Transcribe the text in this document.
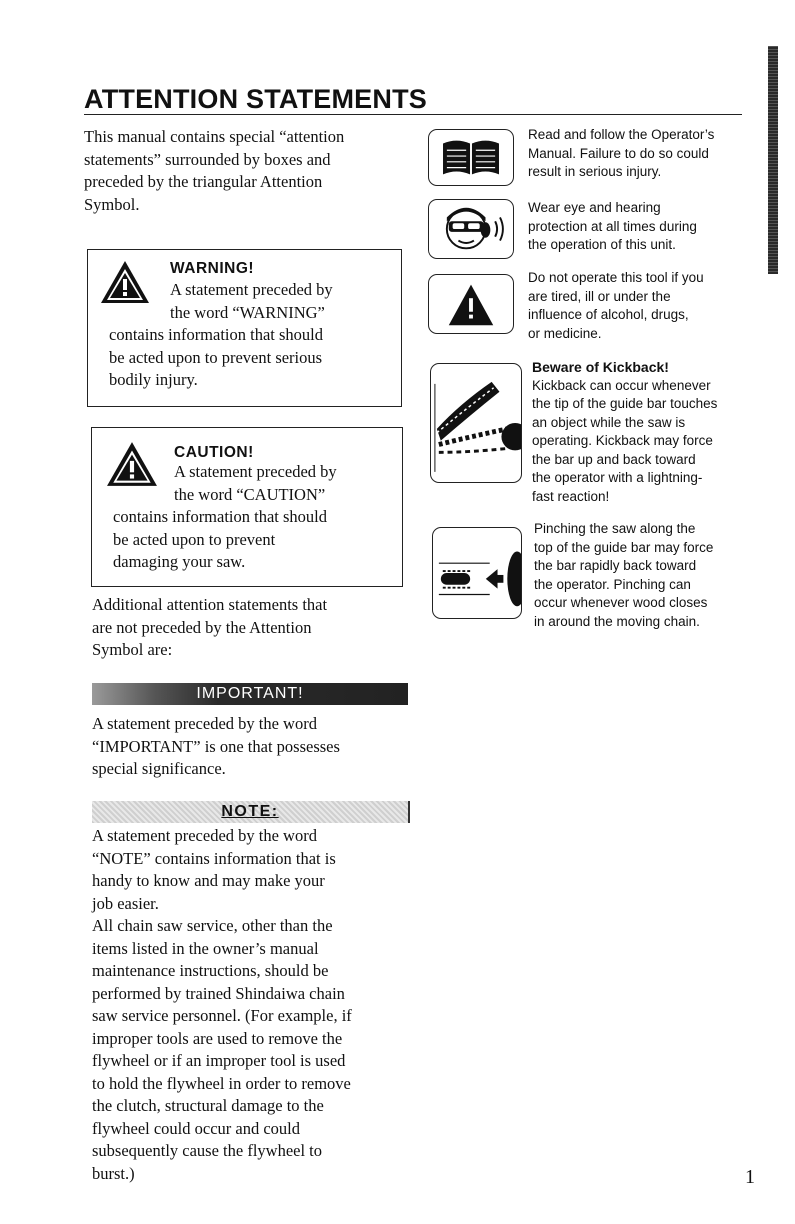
ATTENTION STATEMENTS
This manual contains special “attention
statements” surrounded by boxes and
preceded by the triangular Attention
Symbol.
WARNING!
A statement preceded by
the word “WARNING”
contains information that should
be acted upon to prevent serious
bodily injury.
CAUTION!
A statement preceded by
the word “CAUTION”
contains information that should
be acted upon to prevent
damaging your saw.
Additional attention statements that
are not preceded by the Attention
Symbol are:
IMPORTANT!
A statement preceded by the word
“IMPORTANT” is one that possesses
special significance.
NOTE:
A statement preceded by the word
“NOTE” contains information that is
handy to know and may make your
job easier.
All chain saw service, other than the
items listed in the owner’s manual
maintenance instructions, should be
performed by trained Shindaiwa chain
saw service personnel. (For example, if
improper tools are used to remove the
flywheel or if an improper tool is used
to hold the flywheel in order to remove
the clutch, structural damage to the
flywheel could occur and could
subsequently cause the flywheel to
burst.)
Read and follow the Operator’s
Manual. Failure to do so could
result in serious injury.
Wear eye and hearing
protection at all times during
the operation of this unit.
Do not operate this tool if you
are tired, ill or under the
influence of alcohol, drugs,
or medicine.
Beware of Kickback!
Kickback can occur whenever
the tip of the guide bar touches
an object while the saw is
operating. Kickback may force
the bar up and back toward
the operator with a lightning-
fast reaction!
Pinching the saw along the
top of the guide bar may force
the bar rapidly back toward
the operator. Pinching can
occur whenever wood closes
in around the moving chain.
1
